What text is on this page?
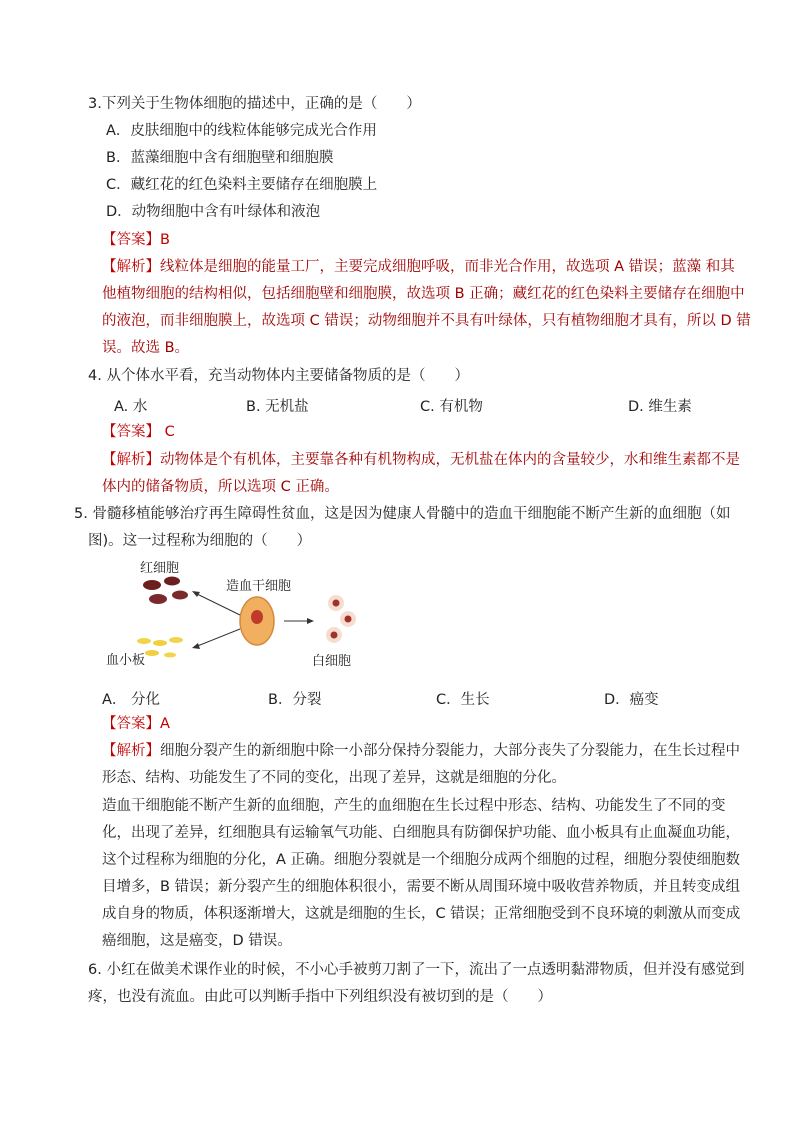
3.下列关于生物体细胞的描述中，正确的是（　　）
A．皮肤细胞中的线粒体能够完成光合作用
B．蓝藻细胞中含有细胞壁和细胞膜
C．藏红花的红色染料主要储存在细胞膜上
D．动物细胞中含有叶绿体和液泡
【答案】B
【解析】线粒体是细胞的能量工厂，主要完成细胞呼吸，而非光合作用，故选项 A 错误；蓝藻 和其
他植物细胞的结构相似，包括细胞壁和细胞膜，故选项 B 正确；藏红花的红色染料主要储存在细胞中
的液泡，而非细胞膜上，故选项 C 错误；动物细胞并不具有叶绿体，只有植物细胞才具有，所以 D 错
误。故选 B。
4. 从个体水平看，充当动物体内主要储备物质的是（　　）
A. 水	B. 无机盐	C. 有机物	D. 维生素
【答案】 C
【解析】动物体是个有机体，主要靠各种有机物构成，无机盐在体内的含量较少，水和维生素都不是
体内的储备物质，所以选项 C 正确。
5. 骨髓移植能够治疗再生障碍性贫血，这是因为健康人骨髓中的造血干细胞能不断产生新的血细胞（如
图)。这一过程称为细胞的（　　）
红细胞
造血干细胞
血小板	白细胞
A． 分化	B．分裂	C．生长	D．癌变
【答案】A
【解析】细胞分裂产生的新细胞中除一小部分保持分裂能力，大部分丧失了分裂能力，在生长过程中
形态、结构、功能发生了不同的变化，出现了差异，这就是细胞的分化。
造血干细胞能不断产生新的血细胞，产生的血细胞在生长过程中形态、结构、功能发生了不同的变
化，出现了差异，红细胞具有运输氧气功能、白细胞具有防御保护功能、血小板具有止血凝血功能，
这个过程称为细胞的分化，A 正确。细胞分裂就是一个细胞分成两个细胞的过程，细胞分裂使细胞数
目增多，B 错误；新分裂产生的细胞体积很小，需要不断从周围环境中吸收营养物质，并且转变成组
成自身的物质，体积逐渐增大，这就是细胞的生长，C 错误；正常细胞受到不良环境的刺激从而变成
癌细胞，这是癌变，D 错误。
6. 小红在做美术课作业的时候，不小心手被剪刀割了一下，流出了一点透明黏滞物质，但并没有感觉到
疼，也没有流血。由此可以判断手指中下列组织没有被切到的是（　　）
